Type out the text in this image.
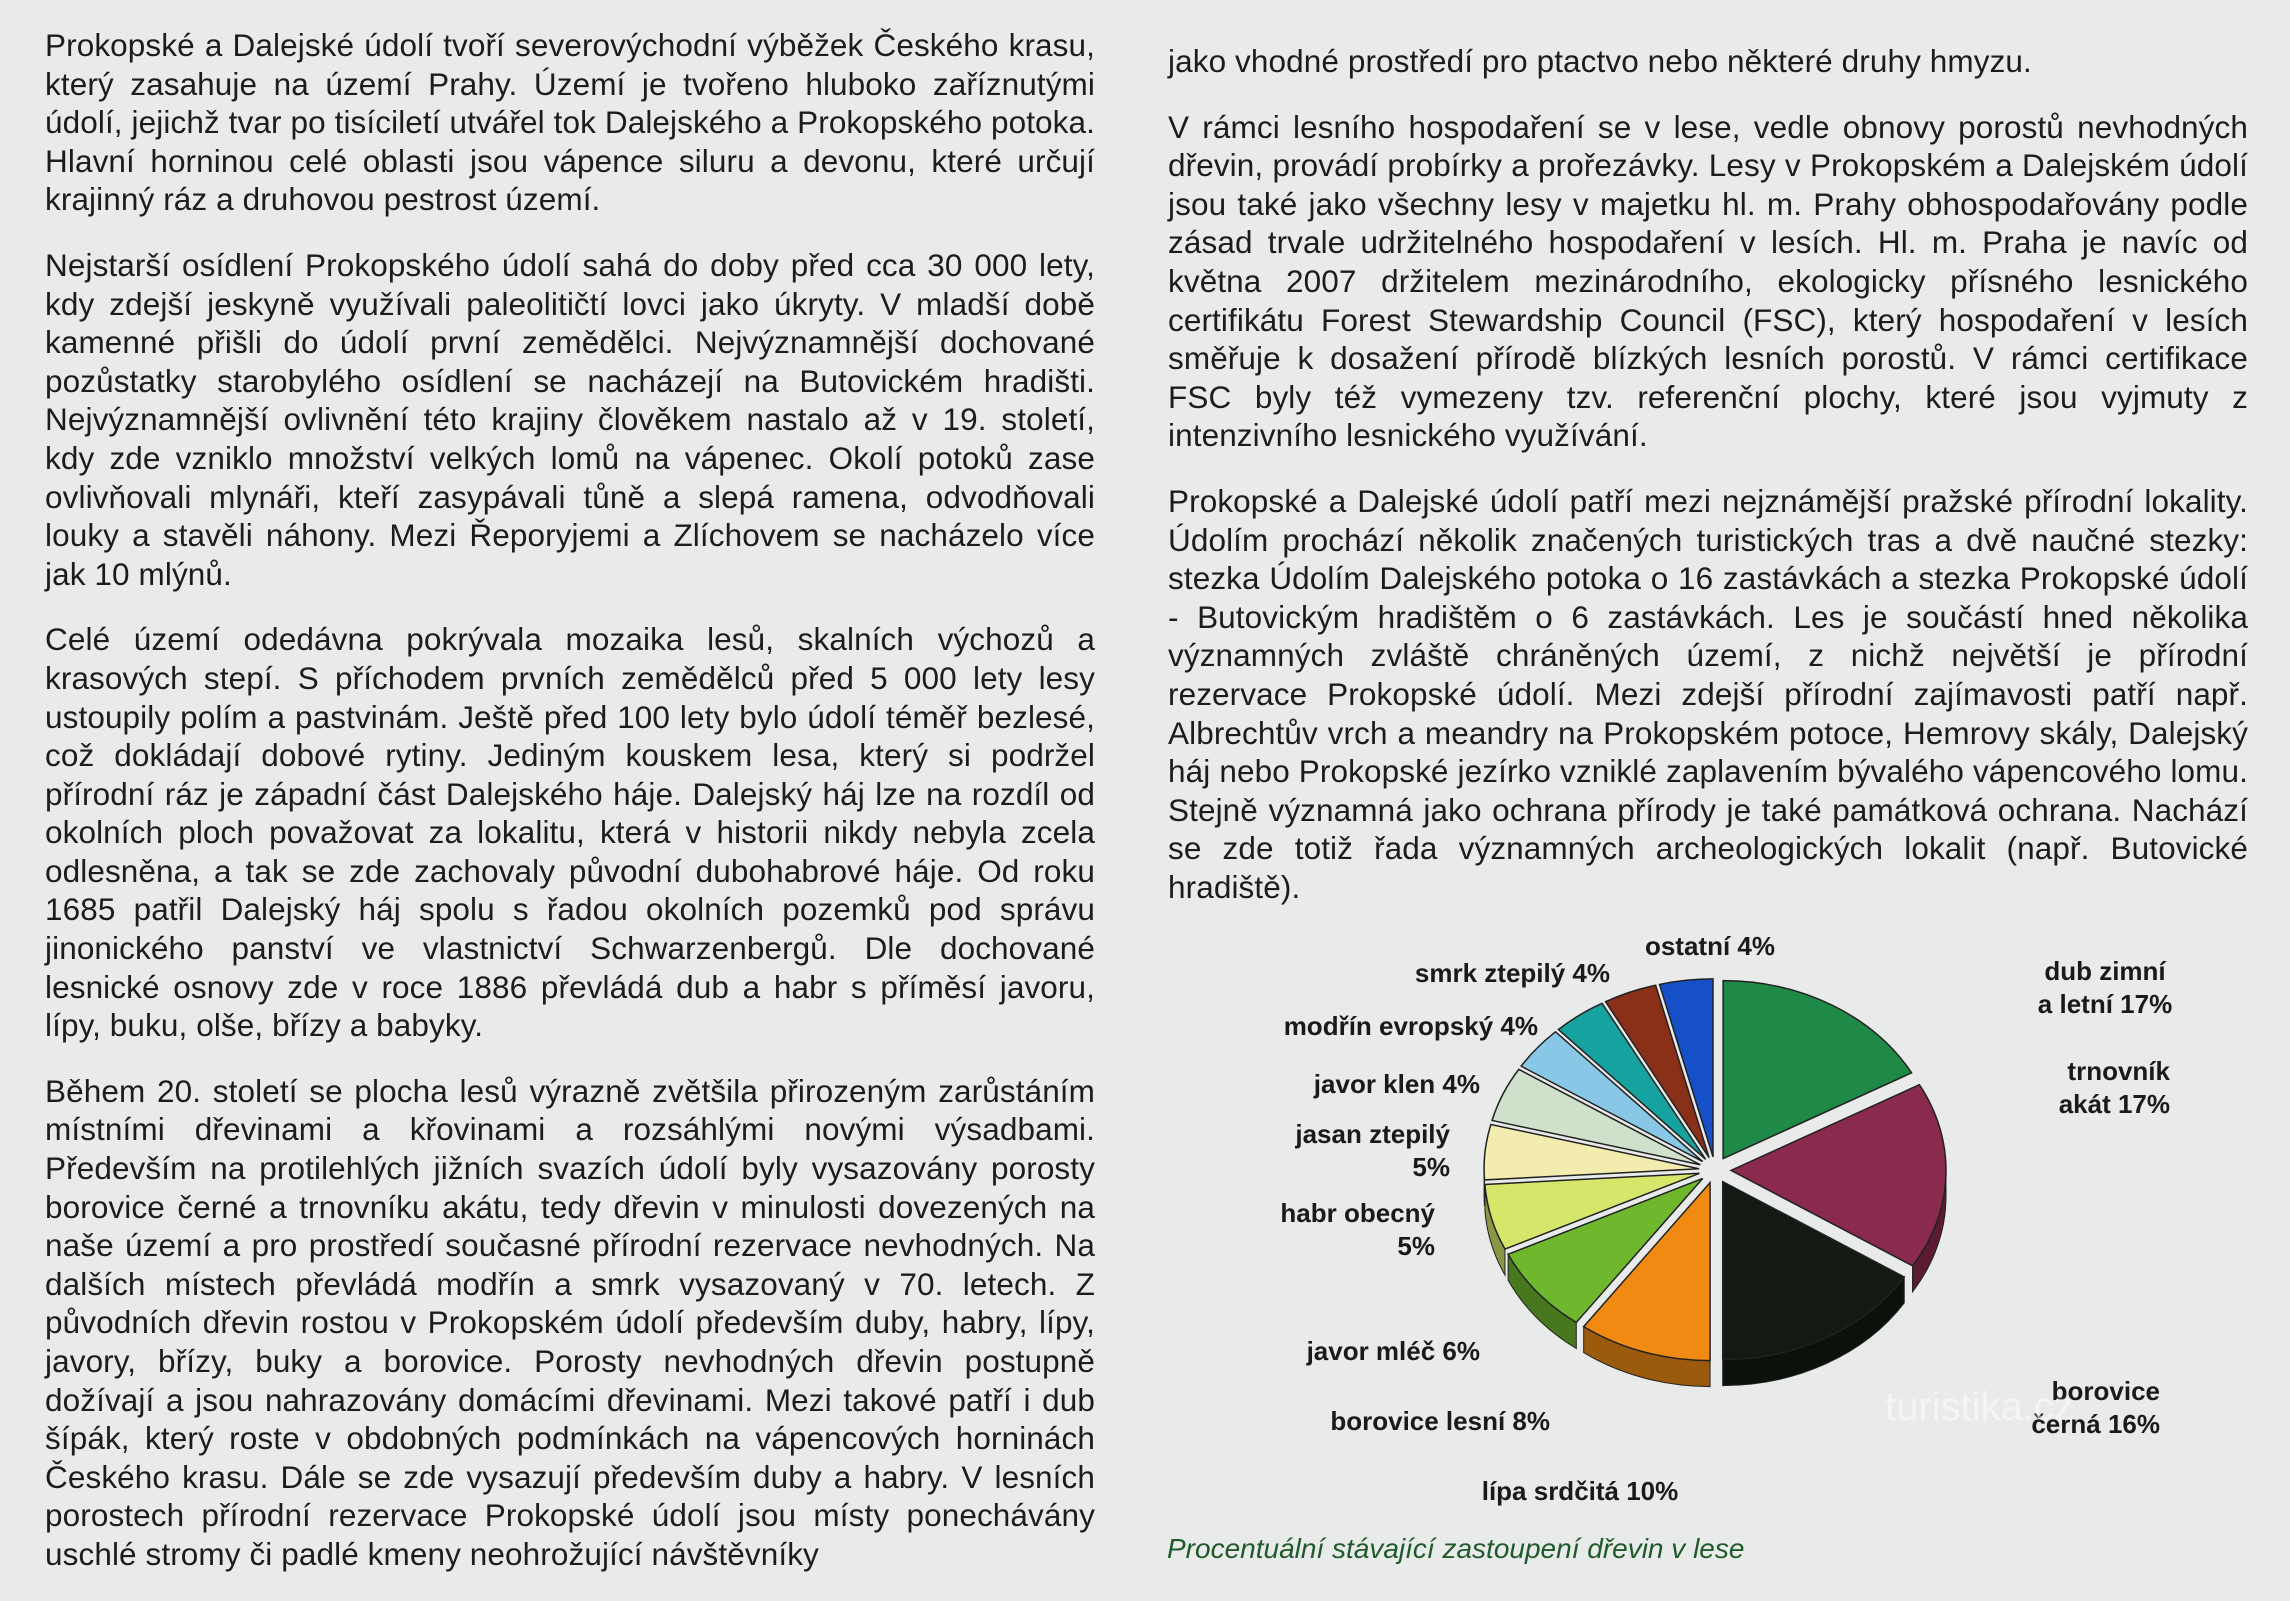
Prokopské a Dalejské údolí tvoří severovýchodní výběžek Českého krasu, který zasahuje na území Prahy. Území je tvořeno hluboko zaříznutými údolí, jejichž tvar po tisíciletí utvářel tok Dalejského a Prokopského potoka. Hlavní horninou celé oblasti jsou vápence siluru a devonu, které určují krajinný ráz a druhovou pestrost území.

Nejstarší osídlení Prokopského údolí sahá do doby před cca 30 000 lety, kdy zdejší jeskyně využívali paleolitičtí lovci jako úkryty. V mladší době kamenné přišli do údolí první zemědělci. Nejvýznamnější dochované pozůstatky starobylého osídlení se nacházejí na Butovickém hradišti. Nejvýznamnější ovlivnění této krajiny člověkem nastalo až v 19. století, kdy zde vzniklo množství velkých lomů na vápenec. Okolí potoků zase ovlivňovali mlynáři, kteří zasypávali tůně a slepá ramena, odvodňovali louky a stavěli náhony. Mezi Řeporyjemi a Zlíchovem se nacházelo více jak 10 mlýnů.

Celé území odedávna pokrývala mozaika lesů, skalních výchozů a krasových stepí. S příchodem prvních zemědělců před 5 000 lety lesy ustoupily polím a pastvinám. Ještě před 100 lety bylo údolí téměř bezlesé, což dokládají dobové rytiny. Jediným kouskem lesa, který si podržel přírodní ráz je západní část Dalejského háje. Dalejský háj lze na rozdíl od okolních ploch považovat za lokalitu, která v historii nikdy nebyla zcela odlesněna, a tak se zde zachovaly původní dubohabrové háje. Od roku 1685 patřil Dalejský háj spolu s řadou okolních pozemků pod správu jinonického panství ve vlastnictví Schwarzenbergů. Dle dochované lesnické osnovy zde v roce 1886 převládá dub a habr s příměsí javoru, lípy, buku, olše, břízy a babyky.

Během 20. století se plocha lesů výrazně zvětšila přirozeným zarůstáním místními dřevinami a křovinami a rozsáhlými novými výsadbami. Především na protilehlých jižních svazích údolí byly vysazovány porosty borovice černé a trnovníku akátu, tedy dřevin v minulosti dovezených na naše území a pro prostředí současné přírodní rezervace nevhodných. Na dalších místech převládá modřín a smrk vysazovaný v 70. letech. Z původních dřevin rostou v Prokopském údolí především duby, habry, lípy, javory, břízy, buky a borovice. Porosty nevhodných dřevin postupně dožívají a jsou nahrazovány domácími dřevinami. Mezi takové patří i dub šípák, který roste v obdobných podmínkách na vápencových horninách Českého krasu. Dále se zde vysazují především duby a habry. V lesních porostech přírodní rezervace Prokopské údolí jsou místy ponechávány uschlé stromy či padlé kmeny neohrožující návštěvníky

jako vhodné prostředí pro ptactvo nebo některé druhy hmyzu.

V rámci lesního hospodaření se v lese, vedle obnovy porostů nevhodných dřevin, provádí probírky a prořezávky. Lesy v Prokopském a Dalejském údolí jsou také jako všechny lesy v majetku hl. m. Prahy obhospodařovány podle zásad trvale udržitelného hospodaření v lesích. Hl. m. Praha je navíc od května 2007 držitelem mezinárodního, ekologicky přísného lesnického certifikátu Forest Stewardship Council (FSC), který hospodaření v lesích směřuje k dosažení přírodě blízkých lesních porostů. V rámci certifikace FSC byly též vymezeny tzv. referenční plochy, které jsou vyjmuty z intenzivního lesnického využívání.

Prokopské a Dalejské údolí patří mezi nejznámější pražské přírodní lokality. Údolím prochází několik značených turistických tras a dvě naučné stezky: stezka Údolím Dalejského potoka o 16 zastávkách a stezka Prokopské údolí - Butovickým hradištěm o 6 zastávkách. Les je součástí hned několika významných zvláště chráněných území, z nichž největší je přírodní rezervace Prokopské údolí. Mezi zdejší přírodní zajímavosti patří např. Albrechtův vrch a meandry na Prokopském potoce, Hemrovy skály, Dalejský háj nebo Prokopské jezírko vzniklé zaplavením bývalého vápencového lomu. Stejně významná jako ochrana přírody je také památková ochrana. Nachází se zde totiž řada významných archeologických lokalit (např. Butovické hradiště).

dub zimní a letní 17%
trnovník akát 17%
borovice černá 16%
lípa srdčitá 10%
borovice lesní 8%
javor mléč 6%
habr obecný 5%
jasan ztepilý 5%
javor klen 4%
modřín evropský 4%
smrk ztepilý 4%
ostatní 4%
turistika.cz
Procentuální stávající zastoupení dřevin v lese
